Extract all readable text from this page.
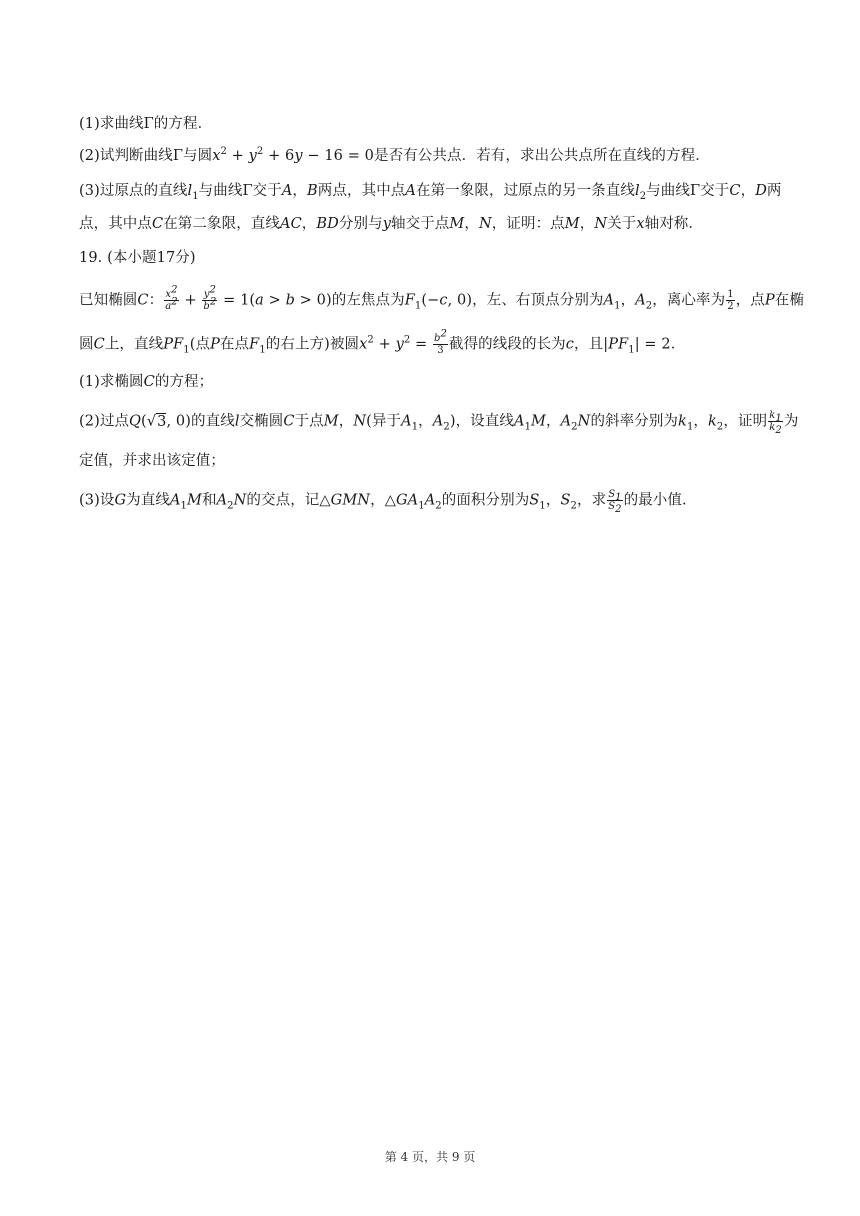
(1)求曲线Γ的方程．
(2)试判断曲线Γ与圆$x^2 + y^2 + 6y - 16 = 0$是否有公共点．若有，求出公共点所在直线的方程．
(3)过原点的直线$l_1$与曲线Γ交于A，B两点，其中点A在第一象限，过原点的另一条直线$l_2$与曲线Γ交于C，D两
点，其中点C在第二象限，直线AC，BD分别与y轴交于点M，N，证明：点M，N关于x轴对称．
19. (本小题17分)
已知椭圆C： $\frac{x^2}{a^2} + \frac{y^2}{b^2} = 1(a > b > 0)$的左焦点为$F_1(-c$, 0)，左、右顶点分别为$A_1$，$A_2$，离心率为 $\frac{1}{2}$ ，点P在椭
圆C上，直线$PF_1$(点P在点$F_1$的右上方)被圆$x^2 + y^2 = \frac{b^2}{3}$ 截得的线段的长为c，且$|PF_1| = 2$．
(1)求椭圆C的方程；
(2)过点Q(√3, 0)的直线l交椭圆C于点M，N(异于$A_1$，$A_2$)，设直线$A_1M$，$A_2N$的斜率分别为$k_1$，$k_2$，证明 $\frac{k_1}{k_2}$ 为
定值，并求出该定值；
(3)设G为直线$A_1M$和$A_2N$的交点，记△GMN，$\triangle GA_1A_2$的面积分别为$S_1$，$S_2$，求 $\frac{S_1}{S_2}$ 的最小值．
第 4 页，共 9 页
